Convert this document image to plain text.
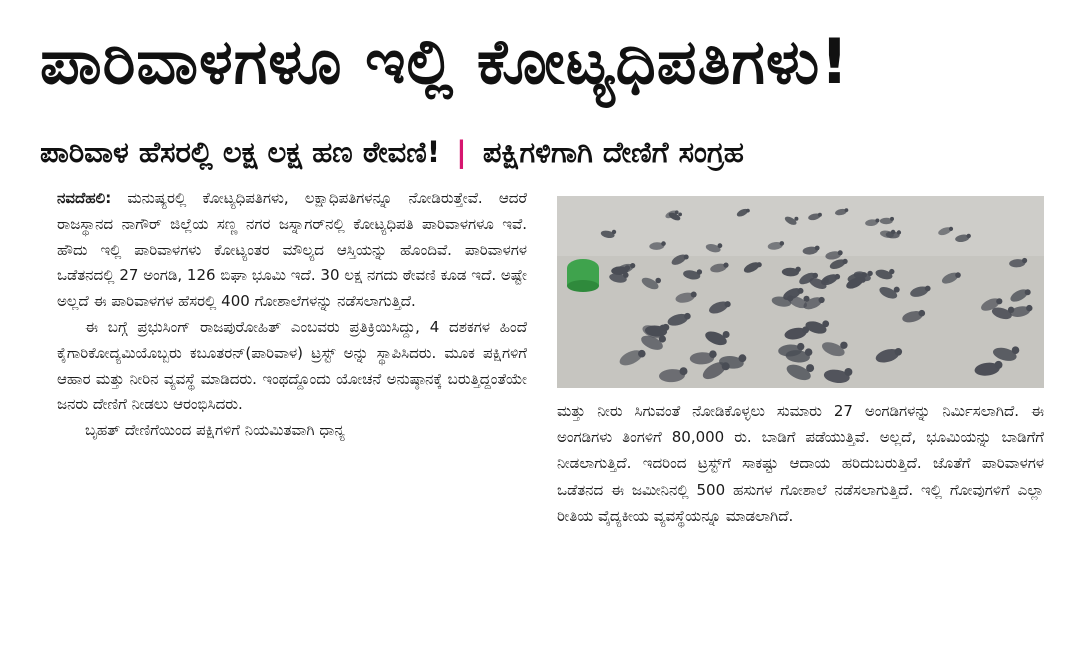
ಪಾರಿವಾಳಗಳೂ ಇಲ್ಲಿ ಕೋಟ್ಯಧಿಪತಿಗಳು!
ಪಾರಿವಾಳ ಹೆಸರಲ್ಲಿ ಲಕ್ಷ ಲಕ್ಷ ಹಣ ಠೇವಣಿ! | ಪಕ್ಷಿಗಳಿಗಾಗಿ ದೇಣಿಗೆ ಸಂಗ್ರಹ

ನವದೆಹಲಿ: ಮನುಷ್ಯರಲ್ಲಿ ಕೋಟ್ಯಧಿಪತಿಗಳು, ಲಕ್ಷಾಧಿಪತಿಗಳನ್ನೂ ನೋಡಿರುತ್ತೇವೆ. ಆದರೆ ರಾಜಸ್ಥಾನದ ನಾಗೌರ್ ಜಿಲ್ಲೆಯ ಸಣ್ಣ ನಗರ ಜಸ್ನಾಗರ್‌ನಲ್ಲಿ ಕೋಟ್ಯಧಿಪತಿ ಪಾರಿವಾಳಗಳೂ ಇವೆ. ಹೌದು ಇಲ್ಲಿ ಪಾರಿವಾಳಗಳು ಕೋಟ್ಯಂತರ ಮೌಲ್ಯದ ಆಸ್ತಿಯನ್ನು ಹೊಂದಿವೆ. ಪಾರಿವಾಳಗಳ ಒಡೆತನದಲ್ಲಿ 27 ಅಂಗಡಿ, 126 ಬಿಘಾ ಭೂಮಿ ಇದೆ. 30 ಲಕ್ಷ ನಗದು ಠೇವಣಿ ಕೂಡ ಇದೆ. ಅಷ್ಟೇ ಅಲ್ಲದೆ ಈ ಪಾರಿವಾಳಗಳ ಹೆಸರಲ್ಲಿ 400 ಗೋಶಾಲೆಗಳನ್ನು ನಡೆಸಲಾಗುತ್ತಿದೆ.

ಈ ಬಗ್ಗೆ ಪ್ರಭುಸಿಂಗ್ ರಾಜಪುರೋಹಿತ್ ಎಂಬವರು ಪ್ರತಿಕ್ರಿಯಿಸಿದ್ದು, 4 ದಶಕಗಳ ಹಿಂದೆ ಕೈಗಾರಿಕೋದ್ಯಮಿಯೊಬ್ಬರು ಕಬೂತರನ್(ಪಾರಿವಾಳ) ಟ್ರಸ್ಟ್ ಅನ್ನು ಸ್ಥಾಪಿಸಿದರು. ಮೂಕ ಪಕ್ಷಿಗಳಿಗೆ ಆಹಾರ ಮತ್ತು ನೀರಿನ ವ್ಯವಸ್ಥೆ ಮಾಡಿದರು. ಇಂಥದ್ದೊಂದು ಯೋಚನೆ ಅನುಷ್ಠಾನಕ್ಕೆ ಬರುತ್ತಿದ್ದಂತೆಯೇ ಜನರು ದೇಣಿಗೆ ನೀಡಲು ಆರಂಭಿಸಿದರು.

ಬೃಹತ್ ದೇಣಿಗೆಯಿಂದ ಪಕ್ಷಿಗಳಿಗೆ ನಿಯಮಿತವಾಗಿ ಧಾನ್ಯ

ಮತ್ತು ನೀರು ಸಿಗುವಂತೆ ನೋಡಿಕೊಳ್ಳಲು ಸುಮಾರು 27 ಅಂಗಡಿಗಳನ್ನು ನಿರ್ಮಿಸಲಾಗಿದೆ. ಈ ಅಂಗಡಿಗಳು ತಿಂಗಳಿಗೆ 80,000 ರು. ಬಾಡಿಗೆ ಪಡೆಯುತ್ತಿವೆ. ಅಲ್ಲದೆ, ಭೂಮಿಯನ್ನು ಬಾಡಿಗೆಗೆ ನೀಡಲಾಗುತ್ತಿದೆ. ಇದರಿಂದ ಟ್ರಸ್ಟ್‌ಗೆ ಸಾಕಷ್ಟು ಆದಾಯ ಹರಿದುಬರುತ್ತಿದೆ. ಜೊತೆಗೆ ಪಾರಿವಾಳಗಳ ಒಡೆತನದ ಈ ಜಮೀನಿನಲ್ಲಿ 500 ಹಸುಗಳ ಗೋಶಾಲೆ ನಡೆಸಲಾಗುತ್ತಿದೆ. ಇಲ್ಲಿ ಗೋವುಗಳಿಗೆ ಎಲ್ಲಾ ರೀತಿಯ ವೈದ್ಯಕೀಯ ವ್ಯವಸ್ಥೆಯನ್ನೂ ಮಾಡಲಾಗಿದೆ.
